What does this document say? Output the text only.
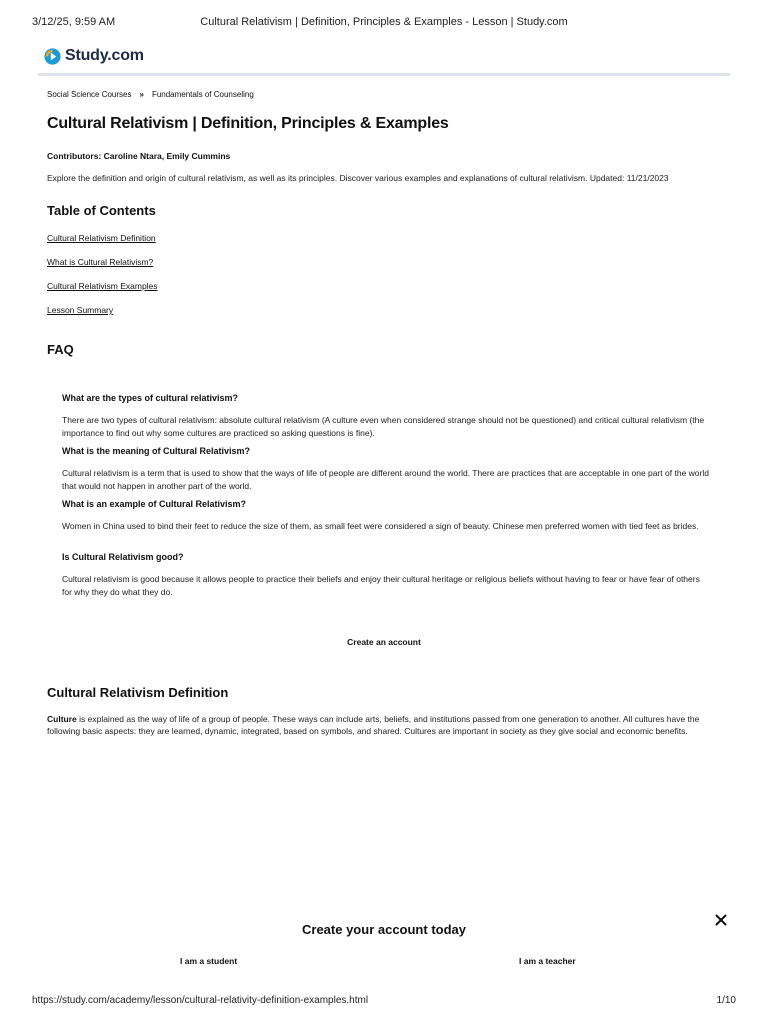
3/12/25, 9:59 AM	Cultural Relativism | Definition, Principles & Examples - Lesson | Study.com
Study.com
Social Science Courses » Fundamentals of Counseling
Cultural Relativism | Definition, Principles & Examples
Contributors: Caroline Ntara, Emily Cummins

Explore the definition and origin of cultural relativism, as well as its principles. Discover various examples and explanations of cultural relativism. Updated: 11/21/2023

Table of Contents
Cultural Relativism Definition
What is Cultural Relativism?
Cultural Relativism Examples
Lesson Summary
FAQ
What are the types of cultural relativism?
There are two types of cultural relativism: absolute cultural relativism (A culture even when considered strange should not be questioned) and critical cultural relativism (the importance to find out why some cultures are practiced so asking questions is fine).
What is the meaning of Cultural Relativism?
Cultural relativism is a term that is used to show that the ways of life of people are different around the world. There are practices that are acceptable in one part of the world that would not happen in another part of the world.
What is an example of Cultural Relativism?
Women in China used to bind their feet to reduce the size of them, as small feet were considered a sign of beauty. Chinese men preferred women with tied feet as brides.
Is Cultural Relativism good?
Cultural relativism is good because it allows people to practice their beliefs and enjoy their cultural heritage or religious beliefs without having to fear or have fear of others for why they do what they do.
Create an account
Cultural Relativism Definition

Culture is explained as the way of life of a group of people. These ways can include arts, beliefs, and institutions passed from one generation to another. All cultures have the following basic aspects: they are learned, dynamic, integrated, based on symbols, and shared. Cultures are important in society as they give social and economic benefits.

Create your account today
I am a student	I am a teacher
https://study.com/academy/lesson/cultural-relativity-definition-examples.html	1/10
